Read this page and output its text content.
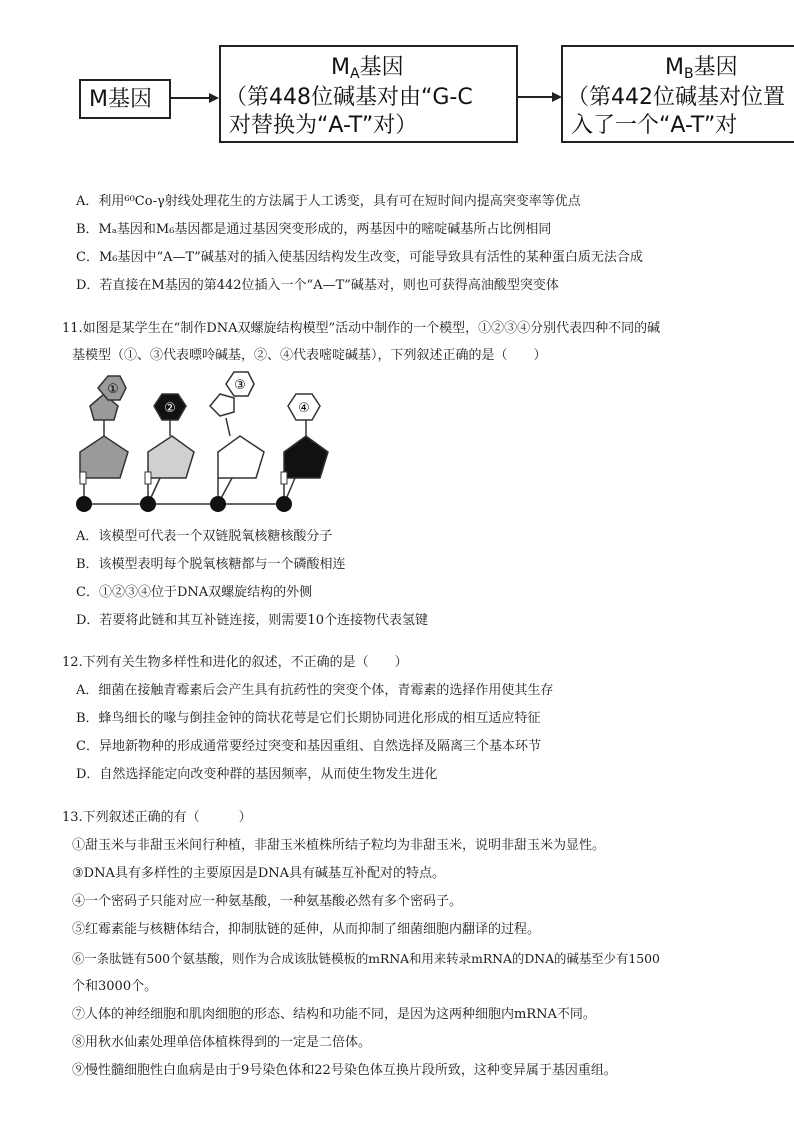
M基因
MA基因
（第448位碱基对由“G-C
对替换为“A-T”对）
MB基因
（第442位碱基对位置
入了一个“A-T”对
A．利用⁶⁰Co-γ射线处理花生的方法属于人工诱变，具有可在短时间内提高突变率等优点
B．Mₐ基因和M₆基因都是通过基因突变形成的，两基因中的嘧啶碱基所占比例相同
C．M₆基因中“A—T”碱基对的插入使基因结构发生改变，可能导致具有活性的某种蛋白质无法合成
D．若直接在M基因的第442位插入一个“A—T”碱基对，则也可获得高油酸型突变体
11.如图是某学生在“制作DNA双螺旋结构模型”活动中制作的一个模型，①②③④分别代表四种不同的碱
基模型（①、③代表嘌呤碱基，②、④代表嘧啶碱基），下列叙述正确的是（　　）
①
②
③
④
A．该模型可代表一个双链脱氧核糖核酸分子
B．该模型表明每个脱氧核糖都与一个磷酸相连
C．①②③④位于DNA双螺旋结构的外侧
D．若要将此链和其互补链连接，则需要10个连接物代表氢键
12.下列有关生物多样性和进化的叙述，不正确的是（　　）
A．细菌在接触青霉素后会产生具有抗药性的突变个体，青霉素的选择作用使其生存
B．蜂鸟细长的喙与倒挂金钟的筒状花萼是它们长期协同进化形成的相互适应特征
C．异地新物种的形成通常要经过突变和基因重组、自然选择及隔离三个基本环节
D．自然选择能定向改变种群的基因频率，从而使生物发生进化
13.下列叙述正确的有（　　　）
①甜玉米与非甜玉米间行种植，非甜玉米植株所结子粒均为非甜玉米，说明非甜玉米为显性。
③DNA具有多样性的主要原因是DNA具有碱基互补配对的特点。
④一个密码子只能对应一种氨基酸，一种氨基酸必然有多个密码子。
⑤红霉素能与核糖体结合，抑制肽链的延伸，从而抑制了细菌细胞内翻译的过程。
⑥一条肽链有500个氨基酸，则作为合成该肽链模板的mRNA和用来转录mRNA的DNA的碱基至少有1500
个和3000个。
⑦人体的神经细胞和肌肉细胞的形态、结构和功能不同，是因为这两种细胞内mRNA不同。
⑧用秋水仙素处理单倍体植株得到的一定是二倍体。
⑨慢性髓细胞性白血病是由于9号染色体和22号染色体互换片段所致，这种变异属于基因重组。
